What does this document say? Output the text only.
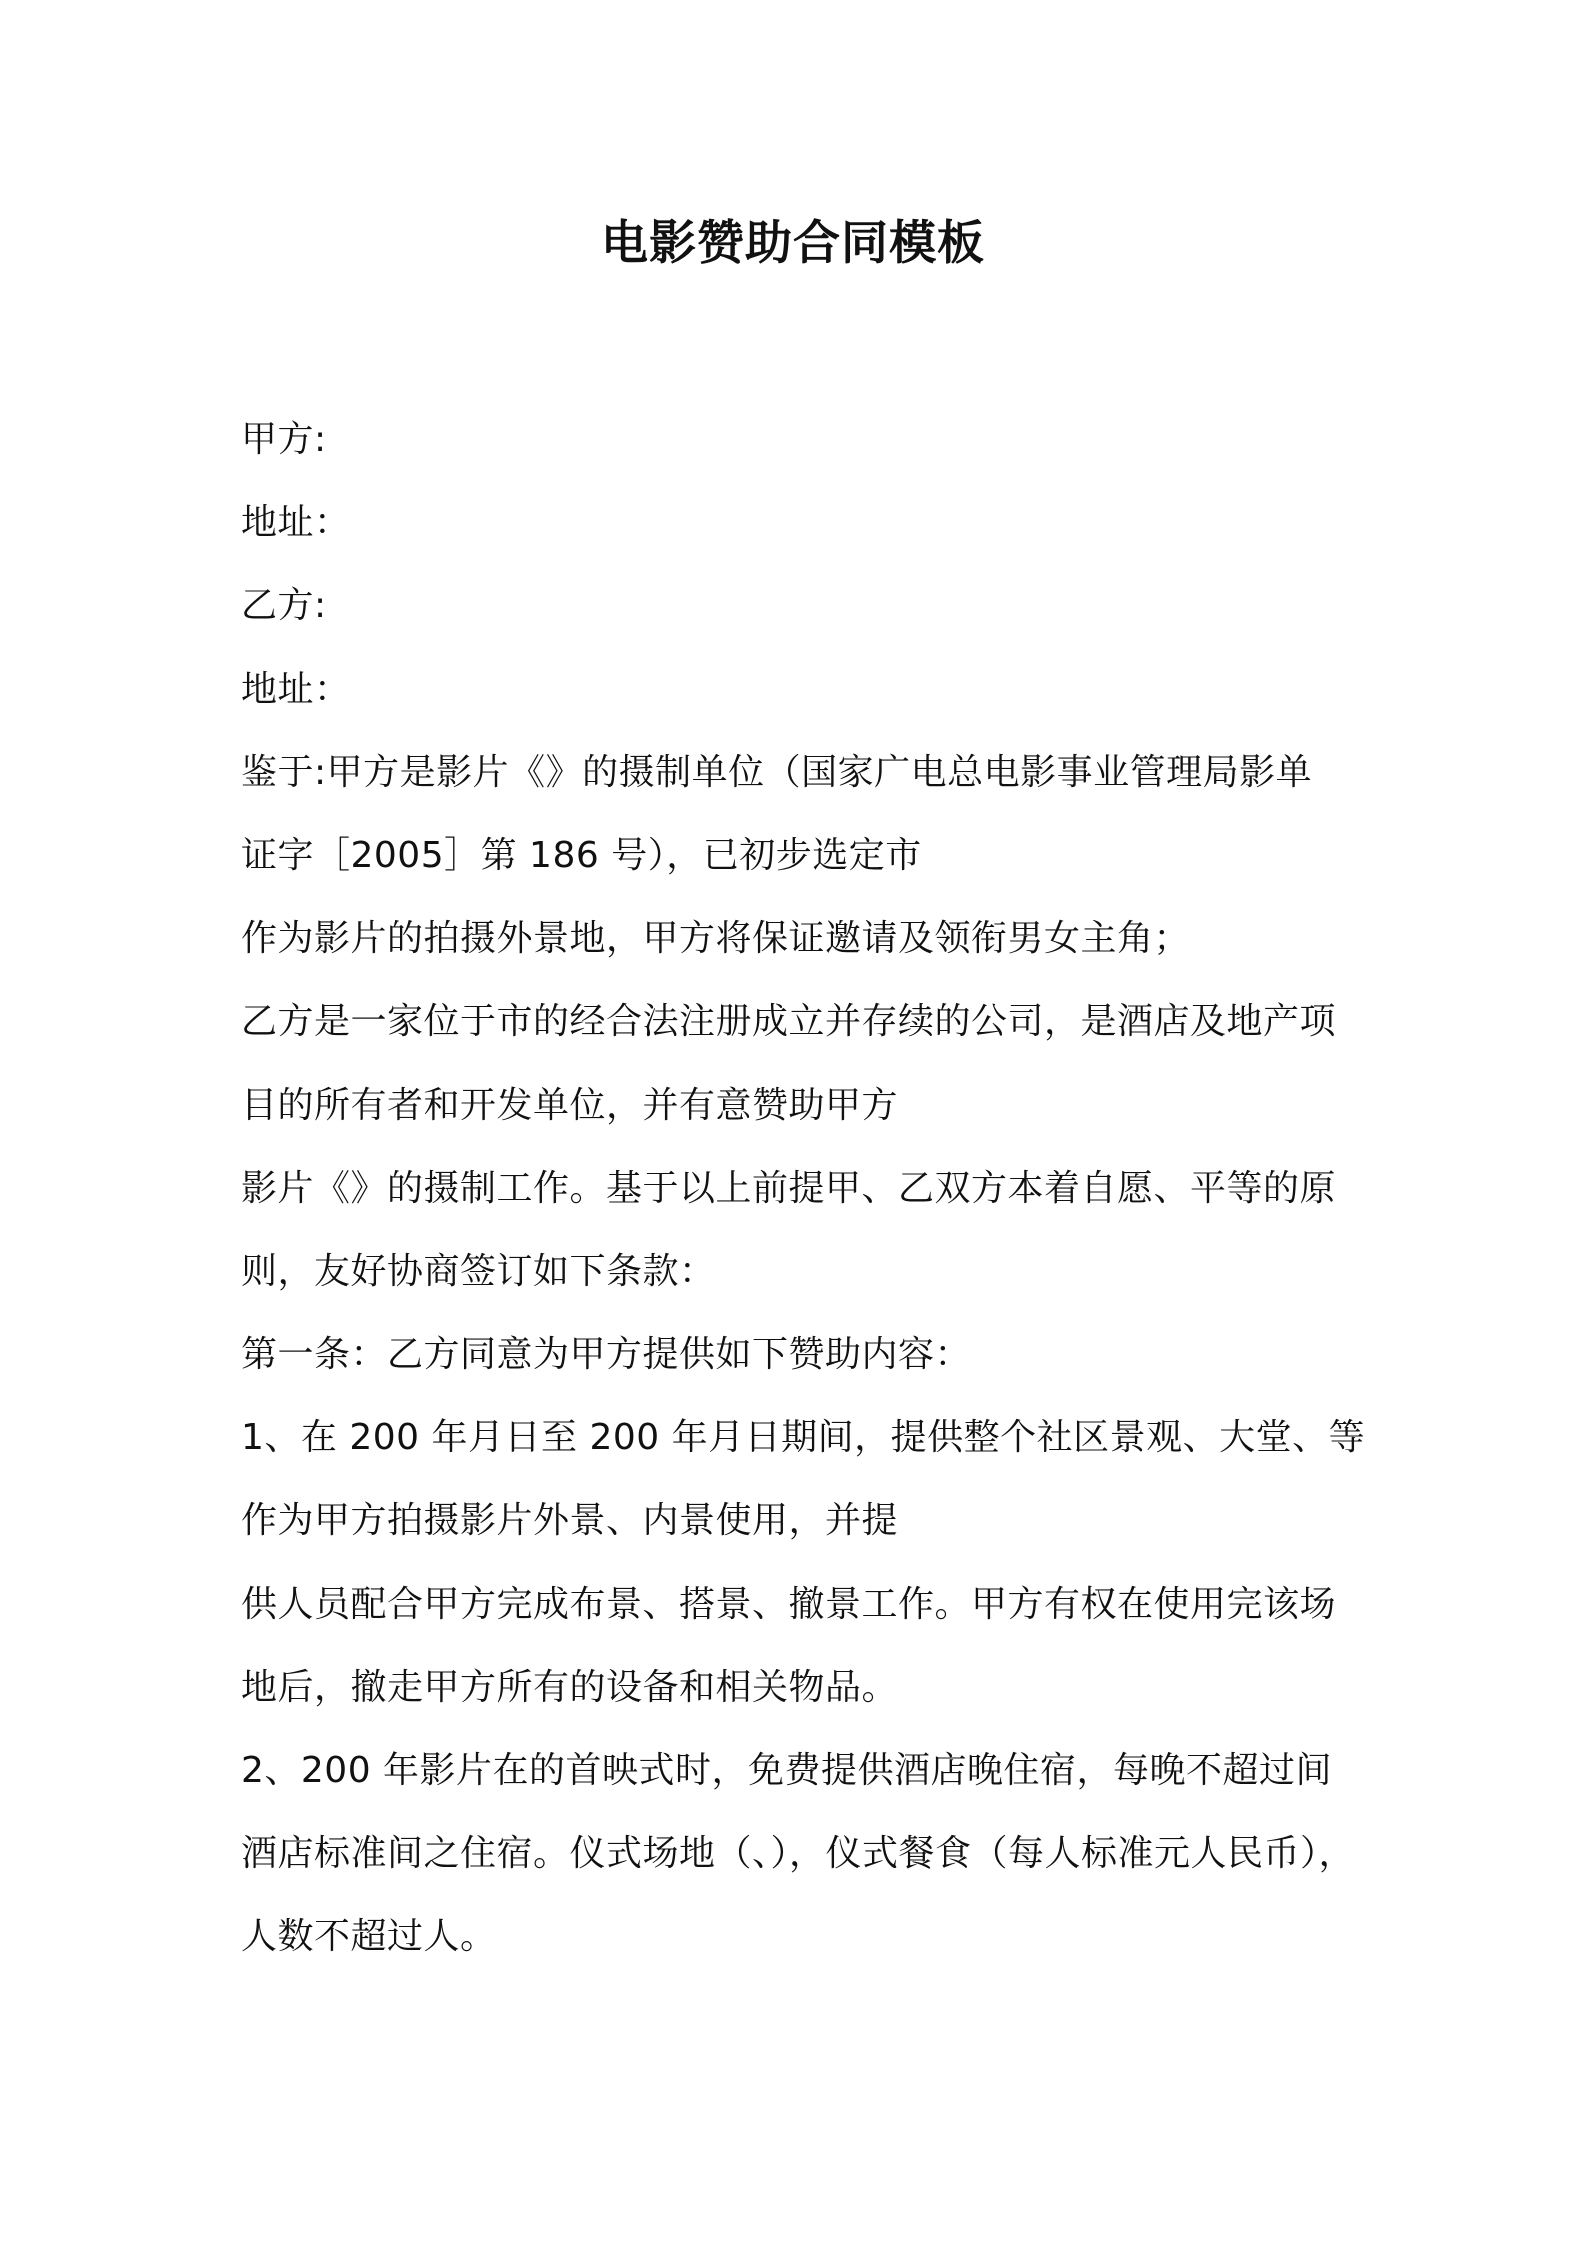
电影赞助合同模板
甲方:
地址：
乙方:
地址：
鉴于:甲方是影片《》的摄制单位（国家广电总电影事业管理局影单
证字［2005］第 186 号），已初步选定市
作为影片的拍摄外景地，甲方将保证邀请及领衔男女主角；
乙方是一家位于市的经合法注册成立并存续的公司，是酒店及地产项
目的所有者和开发单位，并有意赞助甲方
影片《》的摄制工作。基于以上前提甲、乙双方本着自愿、平等的原
则，友好协商签订如下条款：
第一条：乙方同意为甲方提供如下赞助内容：
1、在 200 年月日至 200 年月日期间，提供整个社区景观、大堂、等
作为甲方拍摄影片外景、内景使用，并提
供人员配合甲方完成布景、搭景、撤景工作。甲方有权在使用完该场
地后，撤走甲方所有的设备和相关物品。
2、200 年影片在的首映式时，免费提供酒店晚住宿，每晚不超过间
酒店标准间之住宿。仪式场地（、），仪式餐食（每人标准元人民币），
人数不超过人。
